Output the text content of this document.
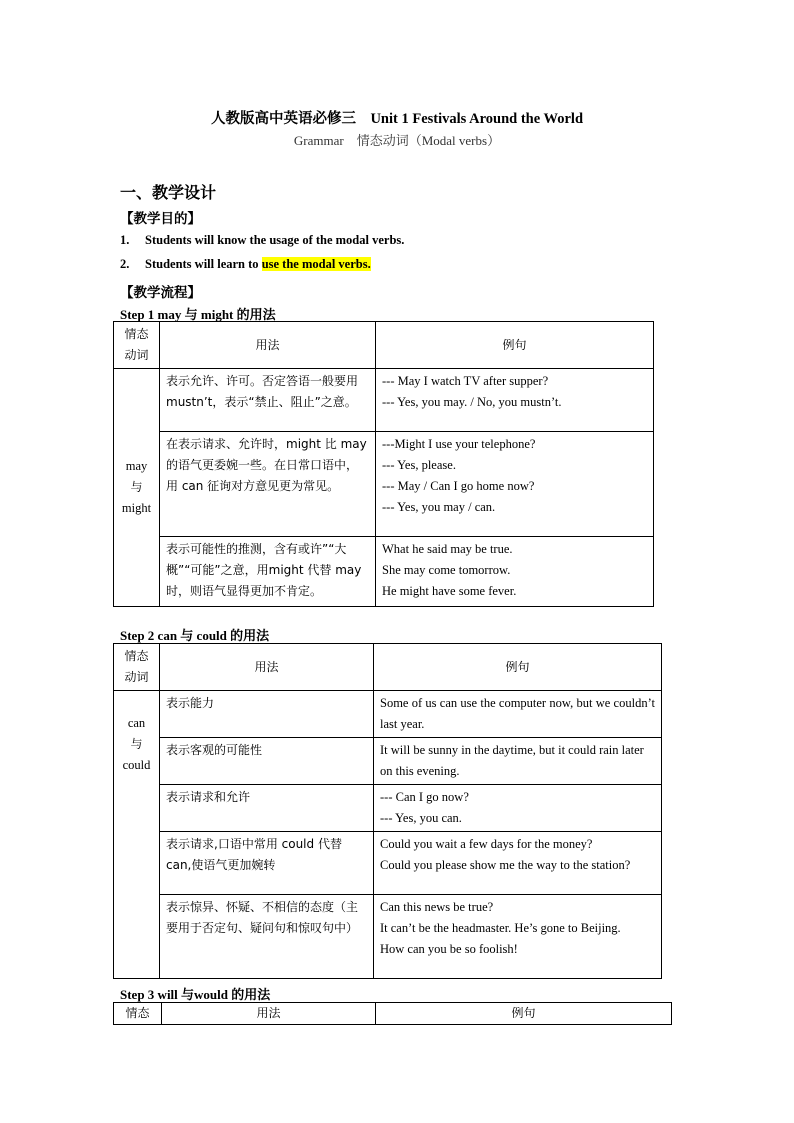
人教版高中英语必修三　Unit 1 Festivals Around the World
Grammar　情态动词（Modal verbs）
一、教学设计
【教学目的】
1. Students will know the usage of the modal verbs.
2. Students will learn to use the modal verbs.
【教学流程】
Step 1 may 与 might 的用法
情态动词	用法	例句

may
与
might	表示允许、许可。否定答语一般要用 mustn’t，表示“禁止、阻止”之意。	--- May I watch TV after supper?
--- Yes, you may. / No, you mustn’t.

	在表示请求、允许时，might 比 may 的语气更委婉一些。在日常口语中，用 can 征询对方意见更为常见。	---Might I use your telephone?
--- Yes, please.
--- May / Can I go home now?
--- Yes, you may / can.

	表示可能性的推测，含有或许”“大概”“可能”之意，用might 代替 may 时，则语气显得更加不肯定。	What he said may be true.
She may come tomorrow.
He might have some fever.
Step 2 can 与 could 的用法
情态动词	用法	例句

can
与
could	表示能力	Some of us can use the computer now, but we couldn’t last year.
	表示客观的可能性	It will be sunny in the daytime, but it could rain later on this evening.
	表示请求和允许	--- Can I go now?
--- Yes, you can.

	表示请求,口语中常用 could 代替 can,使语气更加婉转	Could you wait a few days for the money?
Could you please show me the way to the station?

	表示惊异、怀疑、不相信的态度（主要用于否定句、疑问句和惊叹句中）	Can this news be true?
It can’t be the headmaster. He’s gone to Beijing.
How can you be so foolish!
Step 3 will 与would 的用法
情态	用法	例句
